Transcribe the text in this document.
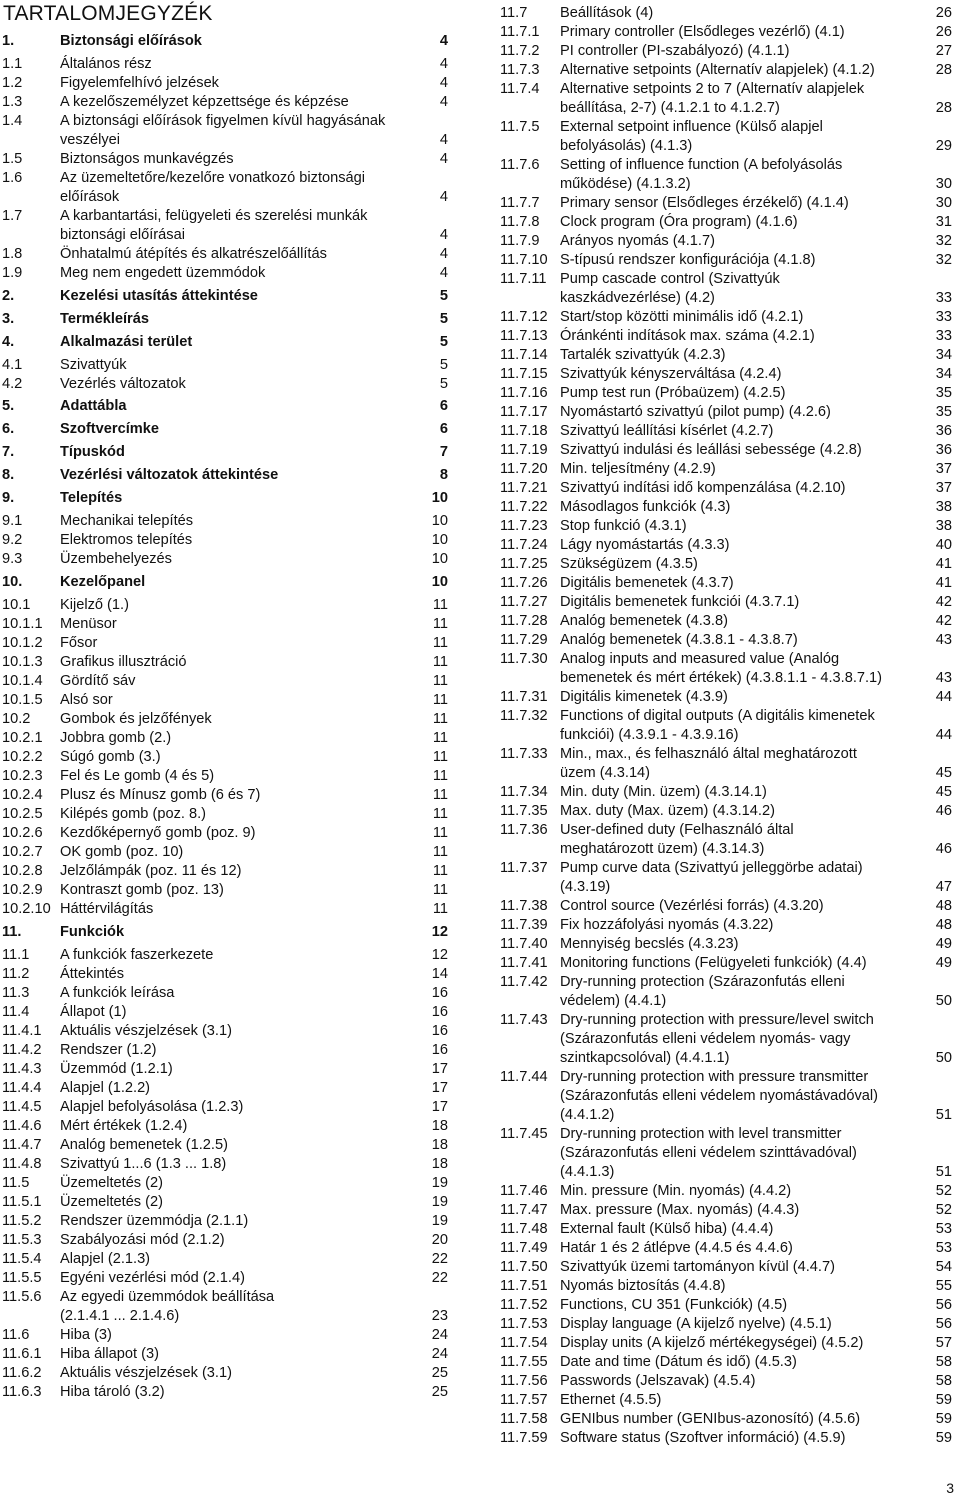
TARTALOMJEGYZÉK
1.	Biztonsági előírások	4
1.1	Általános rész	4
1.2	Figyelemfelhívó jelzések	4
1.3	A kezelőszemélyzet képzettsége és képzése	4
1.4	A biztonsági előírások figyelmen kívül hagyásának
veszélyei	4
1.5	Biztonságos munkavégzés	4
1.6	Az üzemeltetőre/kezelőre vonatkozó biztonsági
előírások	4
1.7	A karbantartási, felügyeleti és szerelési munkák
biztonsági előírásai	4
1.8	Önhatalmú átépítés és alkatrészelőállítás	4
1.9	Meg nem engedett üzemmódok	4
2.	Kezelési utasítás áttekintése	5
3.	Termékleírás	5
4.	Alkalmazási terület	5
4.1	Szivattyúk	5
4.2	Vezérlés változatok	5
5.	Adattábla	6
6.	Szoftvercímke	6
7.	Típuskód	7
8.	Vezérlési változatok áttekintése	8
9.	Telepítés	10
9.1	Mechanikai telepítés	10
9.2	Elektromos telepítés	10
9.3	Üzembehelyezés	10
10.	Kezelőpanel	10
10.1 Kijelző (1.)	11
10.1.1 Menüsor	11
10.1.2 Fősor	11
10.1.3 Grafikus illusztráció	11
10.1.4 Gördítő sáv	11
10.1.5 Alsó sor	11
10.2 Gombok és jelzőfények	11
10.2.1 Jobbra gomb (2.)	11
10.2.2 Súgó gomb (3.)	11
10.2.3 Fel és Le gomb (4 és 5)	11
10.2.4 Plusz és Mínusz gomb (6 és 7)	11
10.2.5 Kilépés gomb (poz. 8.)	11
10.2.6 Kezdőképernyő gomb (poz. 9)	11
10.2.7 OK gomb (poz. 10)	11
10.2.8 Jelzőlámpák (poz. 11 és 12)	11
10.2.9 Kontraszt gomb (poz. 13)	11
10.2.10 Háttérvilágítás	11
11.	Funkciók	12
11.1 A funkciók faszerkezete	12
11.2 Áttekintés	14
11.3 A funkciók leírása	16
11.4 Állapot (1)	16
11.4.1 Aktuális vészjelzések (3.1)	16
11.4.2 Rendszer (1.2)	16
11.4.3 Üzemmód (1.2.1)	17
11.4.4 Alapjel (1.2.2)	17
11.4.5 Alapjel befolyásolása (1.2.3)	17
11.4.6 Mért értékek (1.2.4)	18
11.4.7 Analóg bemenetek (1.2.5)	18
11.4.8 Szivattyú 1...6 (1.3 ... 1.8)	18
11.5 Üzemeltetés (2)	19
11.5.1 Üzemeltetés (2)	19
11.5.2 Rendszer üzemmódja (2.1.1)	19
11.5.3 Szabályozási mód (2.1.2)	20
11.5.4 Alapjel (2.1.3)	22
11.5.5 Egyéni vezérlési mód (2.1.4)	22
11.5.6 Az egyedi üzemmódok beállítása
(2.1.4.1 ... 2.1.4.6)	23
11.6 Hiba (3)	24
11.6.1 Hiba állapot (3)	24
11.6.2 Aktuális vészjelzések (3.1)	25
11.6.3 Hiba tároló (3.2)	25
11.7 Beállítások (4)	26
11.7.1 Primary controller (Elsődleges vezérlő) (4.1)	26
11.7.2 PI controller (PI-szabályozó) (4.1.1)	27
11.7.3 Alternative setpoints (Alternatív alapjelek) (4.1.2)	28
11.7.4 Alternative setpoints 2 to 7 (Alternatív alapjelek
beállítása, 2-7) (4.1.2.1 to 4.1.2.7)	28
11.7.5 External setpoint influence (Külső alapjel
befolyásolás) (4.1.3)	29
11.7.6 Setting of influence function (A befolyásolás
működése) (4.1.3.2)	30
11.7.7 Primary sensor (Elsődleges érzékelő) (4.1.4)	30
11.7.8 Clock program (Óra program) (4.1.6)	31
11.7.9 Arányos nyomás (4.1.7)	32
11.7.10 S-típusú rendszer konfigurációja (4.1.8)	32
11.7.11 Pump cascade control (Szivattyúk
kaszkádvezérlése) (4.2)	33
11.7.12 Start/stop közötti minimális idő (4.2.1)	33
11.7.13 Óránkénti indítások max. száma (4.2.1)	33
11.7.14 Tartalék szivattyúk (4.2.3)	34
11.7.15 Szivattyúk kényszerváltása (4.2.4)	34
11.7.16 Pump test run (Próbaüzem) (4.2.5)	35
11.7.17 Nyomástartó szivattyú (pilot pump) (4.2.6)	35
11.7.18 Szivattyú leállítási kísérlet (4.2.7)	36
11.7.19 Szivattyú indulási és leállási sebessége (4.2.8)	36
11.7.20 Min. teljesítmény (4.2.9)	37
11.7.21 Szivattyú indítási idő kompenzálása (4.2.10)	37
11.7.22 Másodlagos funkciók (4.3)	38
11.7.23 Stop funkció (4.3.1)	38
11.7.24 Lágy nyomástartás (4.3.3)	40
11.7.25 Szükségüzem (4.3.5)	41
11.7.26 Digitális bemenetek (4.3.7)	41
11.7.27 Digitális bemenetek funkciói (4.3.7.1)	42
11.7.28 Analóg bemenetek (4.3.8)	42
11.7.29 Analóg bemenetek (4.3.8.1 - 4.3.8.7)	43
11.7.30 Analog inputs and measured value (Analóg
bemenetek és mért értékek) (4.3.8.1.1 - 4.3.8.7.1)	43
11.7.31 Digitális kimenetek (4.3.9)	44
11.7.32 Functions of digital outputs (A digitális kimenetek
funkciói) (4.3.9.1 - 4.3.9.16)	44
11.7.33 Min., max., és felhasználó által meghatározott
üzem (4.3.14)	45
11.7.34 Min. duty (Min. üzem) (4.3.14.1)	45
11.7.35 Max. duty (Max. üzem) (4.3.14.2)	46
11.7.36 User-defined duty (Felhasználó által
meghatározott üzem) (4.3.14.3)	46
11.7.37 Pump curve data (Szivattyú jelleggörbe adatai)
(4.3.19)	47
11.7.38 Control source (Vezérlési forrás) (4.3.20)	48
11.7.39 Fix hozzáfolyási nyomás (4.3.22)	48
11.7.40 Mennyiség becslés (4.3.23)	49
11.7.41 Monitoring functions (Felügyeleti funkciók) (4.4)	49
11.7.42 Dry-running protection (Szárazonfutás elleni
védelem) (4.4.1)	50
11.7.43 Dry-running protection with pressure/level switch
(Szárazonfutás elleni védelem nyomás- vagy
szintkapcsolóval) (4.4.1.1)	50
11.7.44 Dry-running protection with pressure transmitter
(Szárazonfutás elleni védelem nyomástávadóval)
(4.4.1.2)	51
11.7.45 Dry-running protection with level transmitter
(Szárazonfutás elleni védelem szinttávadóval)
(4.4.1.3)	51
11.7.46 Min. pressure (Min. nyomás) (4.4.2)	52
11.7.47 Max. pressure (Max. nyomás) (4.4.3)	52
11.7.48 External fault (Külső hiba) (4.4.4)	53
11.7.49 Határ 1 és 2 átlépve (4.4.5 és 4.4.6)	53
11.7.50 Szivattyúk üzemi tartományon kívül (4.4.7)	54
11.7.51 Nyomás biztosítás (4.4.8)	55
11.7.52 Functions, CU 351 (Funkciók) (4.5)	56
11.7.53 Display language (A kijelző nyelve) (4.5.1)	56
11.7.54 Display units (A kijelző mértékegységei) (4.5.2)	57
11.7.55 Date and time (Dátum és idő) (4.5.3)	58
11.7.56 Passwords (Jelszavak) (4.5.4)	58
11.7.57 Ethernet (4.5.5)	59
11.7.58 GENIbus number (GENIbus-azonosító) (4.5.6)	59
11.7.59 Software status (Szoftver információ) (4.5.9)	59
3
